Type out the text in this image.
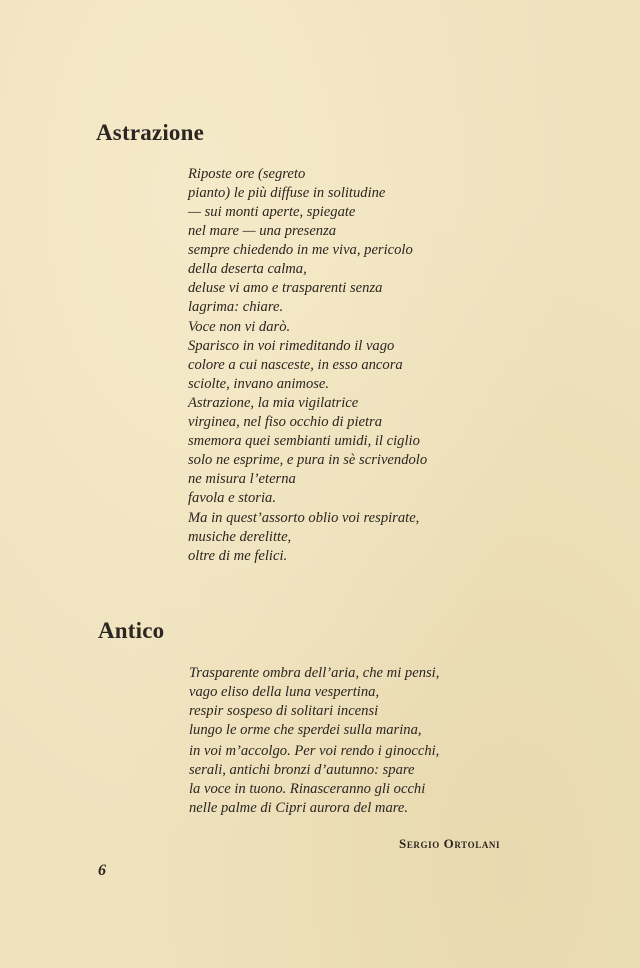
Astrazione
Riposte ore (segreto
pianto) le più diffuse in solitudine
— sui monti aperte, spiegate
nel mare — una presenza
sempre chiedendo in me viva, pericolo
della deserta calma,
deluse vi amo e trasparenti senza
lagrima: chiare.
Voce non vi darò.
Sparisco in voi rimeditando il vago
colore a cui nasceste, in esso ancora
sciolte, invano animose.
Astrazione, la mia vigilatrice
virginea, nel fiso occhio di pietra
smemora quei sembianti umidi, il ciglio
solo ne esprime, e pura in sè scrivendolo
ne misura l’eterna
favola e storia.
Ma in quest’assorto oblio voi respirate,
musiche derelitte,
oltre di me felici.
Antico
Trasparente ombra dell’aria, che mi pensi,
vago eliso della luna vespertina,
respir sospeso di solitari incensi
lungo le orme che sperdei sulla marina,
in voi m’accolgo. Per voi rendo i ginocchi,
serali, antichi bronzi d’autunno: spare
la voce in tuono. Rinasceranno gli occhi
nelle palme di Cipri aurora del mare.

Sergio Ortolani

6
